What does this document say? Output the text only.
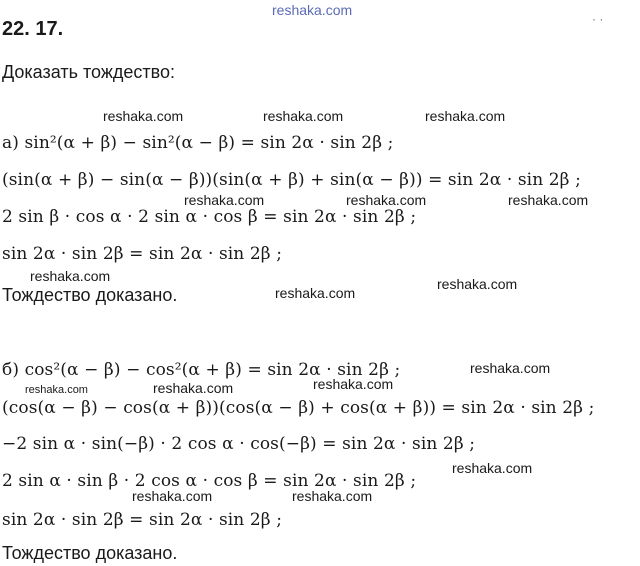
reshaka.com
· ·
22. 17.
Доказать тождество:
reshaka.com	reshaka.com	reshaka.com
а) sin²(α + β) − sin²(α − β) = sin 2α · sin 2β ;
(sin(α + β) − sin(α − β))(sin(α + β) + sin(α − β)) = sin 2α · sin 2β ;
2 sin β · cos α · 2 sin α · cos β = sin 2α · sin 2β ;
reshaka.com	reshaka.com	reshaka.com
sin 2α · sin 2β = sin 2α · sin 2β ;
reshaka.com
Тождество доказано.	reshaka.com
reshaka.com
б) cos²(α − β) − cos²(α + β) = sin 2α · sin 2β ;	reshaka.com
reshaka.com	reshaka.com	reshaka.com
(cos(α − β) − cos(α + β))(cos(α − β) + cos(α + β)) = sin 2α · sin 2β ;
−2 sin α · sin(−β) · 2 cos α · cos(−β) = sin 2α · sin 2β ;
reshaka.com
2 sin α · sin β · 2 cos α · cos β = sin 2α · sin 2β ;
reshaka.com	reshaka.com
sin 2α · sin 2β = sin 2α · sin 2β ;
Тождество доказано.
